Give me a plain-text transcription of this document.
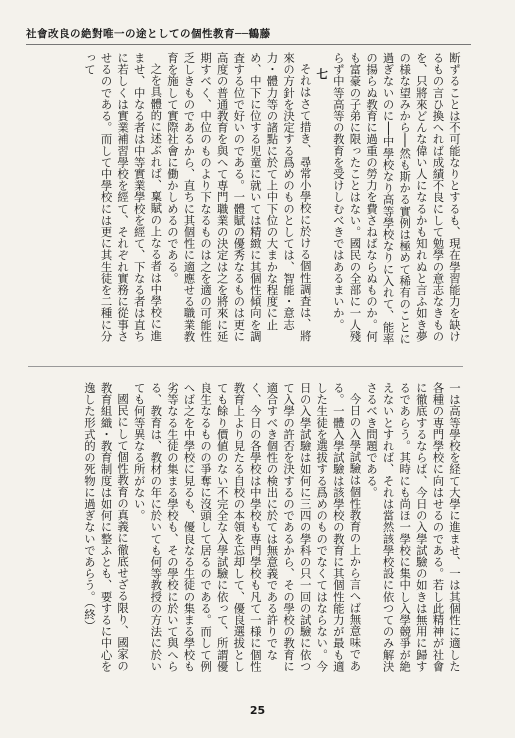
社會改良の絶對唯一の途としての個性教育──鶴藤

断ずることは不可能なりとするも、現在學習能力を缺けるもの言ひ換へれば成績不良にして勉學の意志なきものを、只將來どんな偉い人になるかも知れぬと言ふ如き夢の様な望みから──然も斯かる實例は極めて稀有のことに過ぎないのに──中學校なり高等學校なりに入れて、能率の揚らぬ教育に過重の勞力を費さねばならぬものか。何も富豪の子弟に限ったことはない。國民の全部に一人殘らず中等高等の教育を受けしむべきではあるまいか。

七

それはさて措き、尋常小學校に於ける個性調査は、將來の方針を決定する爲めのものとしては、智能・意志力・體力等の諸點に於て上中下位の大まかな程度に止め、中下に位する児童に就いては精緻に其個性傾向を調査する位で好いのである。一體賦の優秀なるものは更に高度の普通教育を與へて専門職業の決定は之を將來に延期すべく、中位のものより下なるものは之を適の可能性乏しきものであるから、直ちに其個性に適應せる職業教育を施して實際社會に働かしめるのである。

之を具體的に述ぶれば、稟賦の上なる者は中學校に進ませ、中なる者は中等實業學校を經て、下なる者は直ちに若しくは實業補習學校を經て、それぞれ實務に從事させるのである。而して中學校には更に其生徒を二種に分って

一は高等學校を経て大學に進ませ、一は其個性に適した各種の専門學校に向はせるのである。若し此精神が社會に徹底するならば、今日の入學試驗の如きは無用に歸するであらう。其時にも尚ほ一學校に集中し入學競爭が絶えないとすれば、それは當然該學校設に依つてのみ解決さるべき問題である。

今日の入學試驗は個性教育の上から言へば無意味である。一體入學試驗は該學校の教育に其個性能力が最も適した生徒を選拔する爲めのものでなくてはならない。今日の入學試驗は如何に三四の學科の只一回の試驗に依つて入學の許否を決するのであるから、その學校の教育に適合すべき個性の検出に於ては無意義である許りでなく、今日の各學校は中學校も専門學校も凡て一様に個性教育上より見たる自校の本領を忘却して、優良選拔としても餘り價値のない不完全な入學試驗に依って、所謂優良生なるものの爭奪に沒頭して居るのである。而して例へば之を中學校に見るも、優良なる生徒の集まる學校も劣等なる生徒の集まる學校も、その學校に於いて與へらる、教育は、教材の年に於いても何等教授の方法に於いても何等異なる所がない。

國民にして個性教育の真義に徹底せざる限り、國家の教育組織・教育制度は如何に整ふとも、要するに中心を逸した形式的の死物に過ぎないであらう。（終）

25
